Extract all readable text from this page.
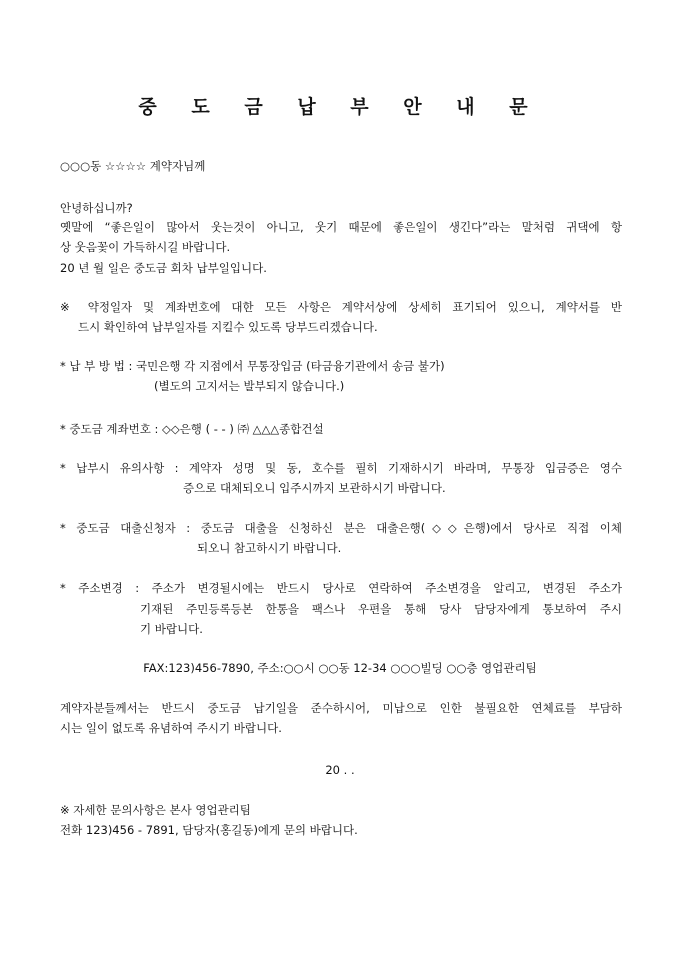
중 도 금 납 부 안 내 문
○○○동 ☆☆☆☆ 계약자님께
안녕하십니까?
옛말에 “좋은일이 많아서 웃는것이 아니고, 웃기 때문에 좋은일이 생긴다”라는 말처럼 귀댁에 항
상 웃음꽃이 가득하시길 바랍니다.
20 년 월 일은 중도금 회차 납부일입니다.
※ 약정일자 및 계좌번호에 대한 모든 사항은 계약서상에 상세히 표기되어 있으니, 계약서를 반
드시 확인하여 납부일자를 지킬수 있도록 당부드리겠습니다.
* 납 부 방 법 : 국민은행 각 지점에서 무통장입금 (타금융기관에서 송금 불가)
(별도의 고지서는 발부되지 않습니다.)
* 중도금 계좌번호 : ◇◇은행 ( - - ) ㈜ △△△종합건설
* 납부시 유의사항 : 계약자 성명 및 동, 호수를 필히 기재하시기 바라며, 무통장 입금증은 영수
증으로 대체되오니 입주시까지 보관하시기 바랍니다.
* 중도금 대출신청자 : 중도금 대출을 신청하신 분은 대출은행(◇◇은행)에서 당사로 직접 이체
되오니 참고하시기 바랍니다.
* 주소변경 : 주소가 변경될시에는 반드시 당사로 연락하여 주소변경을 알리고, 변경된 주소가
기재된 주민등록등본 한통을 팩스나 우편을 통해 당사 담당자에게 통보하여 주시
기 바랍니다.
FAX:123)456-7890, 주소:○○시 ○○동 12-34 ○○○빌딩 ○○층 영업관리팀
계약자분들께서는 반드시 중도금 납기일을 준수하시어, 미납으로 인한 불필요한 연체료를 부담하
시는 일이 없도록 유념하여 주시기 바랍니다.
20 . .
※ 자세한 문의사항은 본사 영업관리팀
전화 123)456 - 7891, 담당자(홍길동)에게 문의 바랍니다.
